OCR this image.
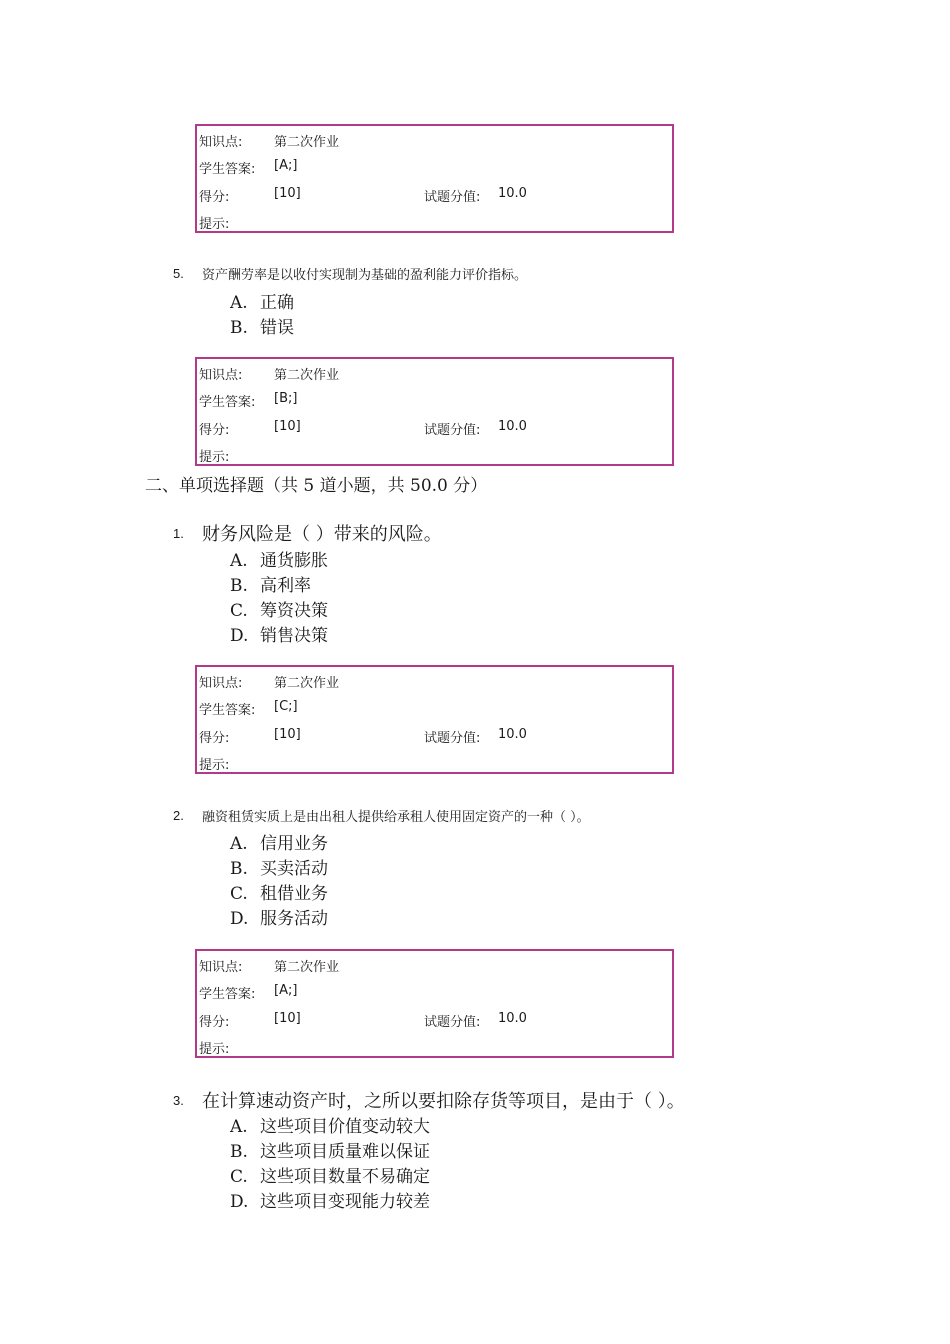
知识点: 第二次作业
学生答案: [A;]
得分:	[10]	试题分值: 10.0
提示:
5. 资产酬劳率是以收付实现制为基础的盈利能力评价指标。
A. 正确
B. 错误
知识点: 第二次作业
学生答案: [B;]
得分:	[10]	试题分值: 10.0
提示:
二、单项选择题（共 5 道小题，共 50.0 分）
1. 财务风险是（ ）带来的风险。
A. 通货膨胀
B. 高利率
C. 筹资决策
D. 销售决策
知识点: 第二次作业
学生答案: [C;]
得分:	[10]	试题分值: 10.0
提示:
2. 融资租赁实质上是由出租人提供给承租人使用固定资产的一种（ ）。
A. 信用业务
B. 买卖活动
C. 租借业务
D. 服务活动
知识点: 第二次作业
学生答案: [A;]
得分:	[10]	试题分值: 10.0
提示:
3. 在计算速动资产时，之所以要扣除存货等项目，是由于（ ）。
A. 这些项目价值变动较大
B. 这些项目质量难以保证
C. 这些项目数量不易确定
D. 这些项目变现能力较差
